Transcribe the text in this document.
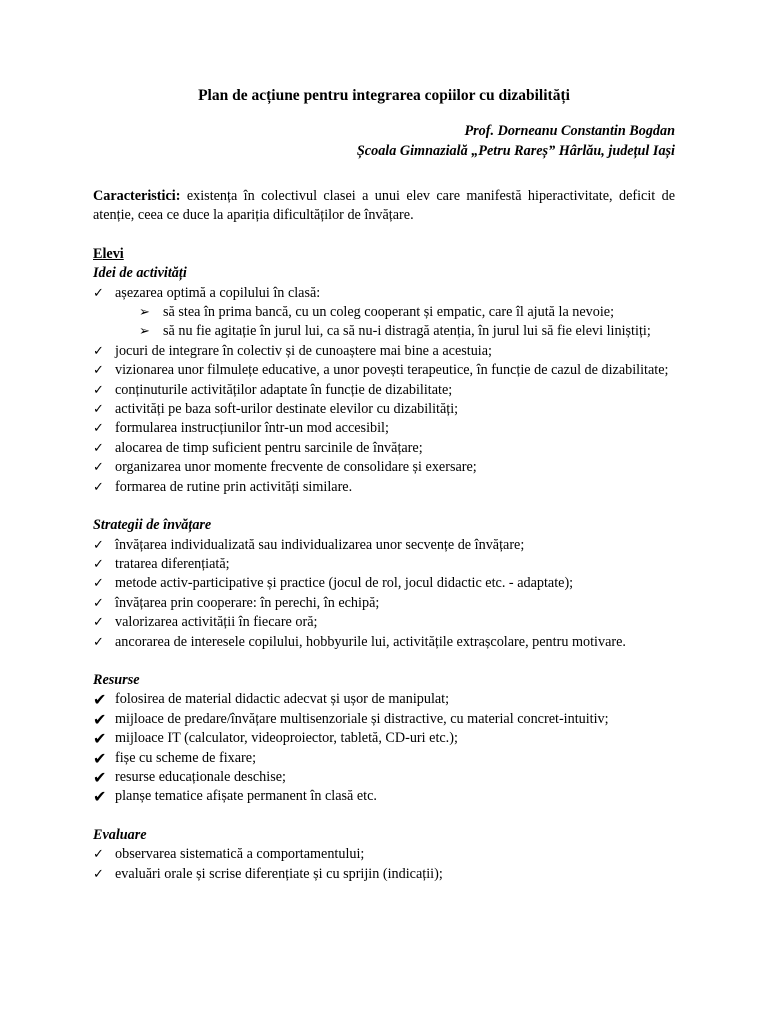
Plan de acțiune pentru integrarea copiilor cu dizabilități
Prof. Dorneanu Constantin Bogdan
Școala Gimnazială „Petru Rareș” Hârlău, județul Iași
Caracteristici: existența în colectivul clasei a unui elev care manifestă hiperactivitate, deficit de atenție, ceea ce duce la apariția dificultăților de învățare.
Elevi
Idei de activități
✓ așezarea optimă a copilului în clasă:
➢ să stea în prima bancă, cu un coleg cooperant și empatic, care îl ajută la nevoie;
➢ să nu fie agitație în jurul lui, ca să nu-i distragă atenția, în jurul lui să fie elevi liniștiți;
✓ jocuri de integrare în colectiv și de cunoaștere mai bine a acestuia;
✓ vizionarea unor filmulețe educative, a unor povești terapeutice, în funcție de cazul de dizabilitate;
✓ conținuturile activităților adaptate în funcție de dizabilitate;
✓ activități pe baza soft-urilor destinate elevilor cu dizabilități;
✓ formularea instrucțiunilor într-un mod accesibil;
✓ alocarea de timp suficient pentru sarcinile de învățare;
✓ organizarea unor momente frecvente de consolidare și exersare;
✓ formarea de rutine prin activități similare.
Strategii de învățare
✓ învățarea individualizată sau individualizarea unor secvențe de învățare;
✓ tratarea diferențiată;
✓ metode activ-participative și practice (jocul de rol, jocul didactic etc. - adaptate);
✓ învățarea prin cooperare: în perechi, în echipă;
✓ valorizarea activității în fiecare oră;
✓ ancorarea de interesele copilului, hobbyurile lui, activitățile extrașcolare, pentru motivare.
Resurse
✔ folosirea de material didactic adecvat și ușor de manipulat;
✔ mijloace de predare/învățare multisenzoriale și distractive, cu material concret-intuitiv;
✔ mijloace IT (calculator, videoproiector, tabletă, CD-uri etc.);
✔ fișe cu scheme de fixare;
✔ resurse educaționale deschise;
✔ planșe tematice afișate permanent în clasă etc.
Evaluare
✓ observarea sistematică a comportamentului;
✓ evaluări orale și scrise diferențiate și cu sprijin (indicații);
